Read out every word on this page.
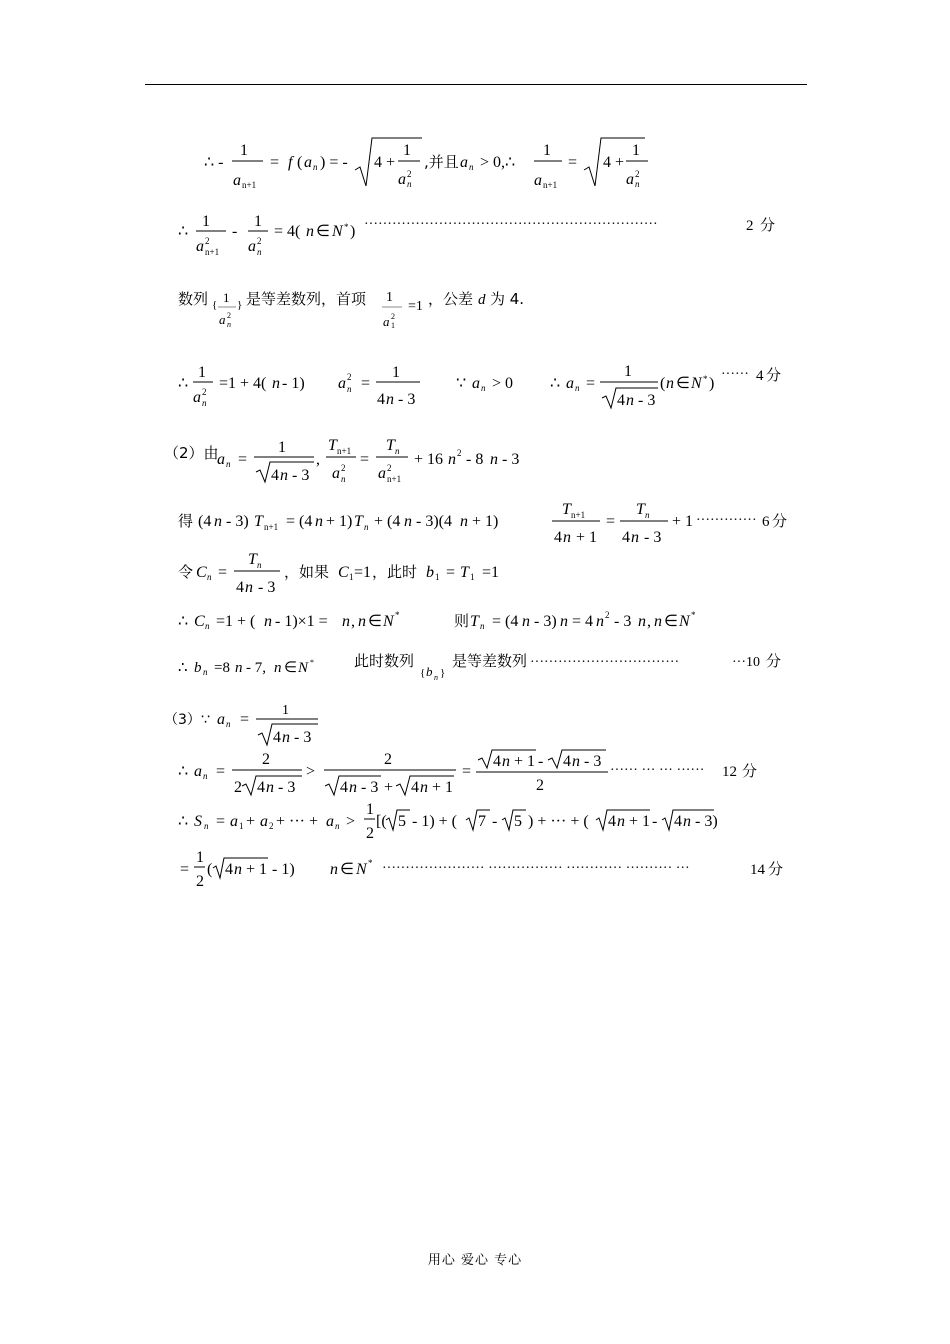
∴ -
1
a n+1
= f ( a n ) = - 4 +
1
a 2
n
,并且 a n > 0,∴
1
a n+1
= 4 +
1
a 2
n
∴
1
a 2
n+1
-
1
a 2
n
= 4( n ∈ N * ) ·······························································	2 分
数列 { 1
a 2
n
} 是等差数列，首项 1
a 2
1
=1 ，公差 d 为 4.
∴
1
a 2
n
=1 + 4( n - 1) a 2
n =
1
4 n - 3
∵ a n > 0 ∴ a n =
1
4 n - 3
( n ∈ N * )
······ 4 分
（2）由
a n =
1
4 n - 3
,
T n+1
a 2
n
=
T n
a 2
n+1
+ 16 n 2 - 8 n - 3
得 (4 n - 3) T n+1 = (4 n + 1) T n + (4 n - 3)(4 n + 1)
T n+1
4 n + 1
=
T n
4 n - 3
+ 1 ············· 6 分
令 C n =
T n
4 n - 3
，如果 C 1 =1 ，此时 b 1 = T 1 =1
∴ C n =1 + ( n - 1)×1 = n , n ∈ N *	则 T n = (4 n - 3) n = 4 n 2 - 3 n , n ∈ N *
∴ b n =8 n - 7, n ∈ N *	此时数列
{ b n }
是等差数列 ································	···10 分
（3）∵ a n =
1
4 n - 3
∴ a n =
2
2 4 n - 3
>
2
4 n - 3 + 4 n + 1
=
4 n + 1 - 4 n - 3
2
······ ··· ··· ······ 12 分
∴ S n = a 1 + a 2 + ··· + a n >
1
2
[( 5 - 1) + ( 7 - 5 ) + ··· + ( 4 n + 1 - 4 n - 3)
=
1
2
( 4 n + 1 - 1) n ∈ N * ······················ ················ ············ ·········· ···	14 分
用心 爱心 专心
